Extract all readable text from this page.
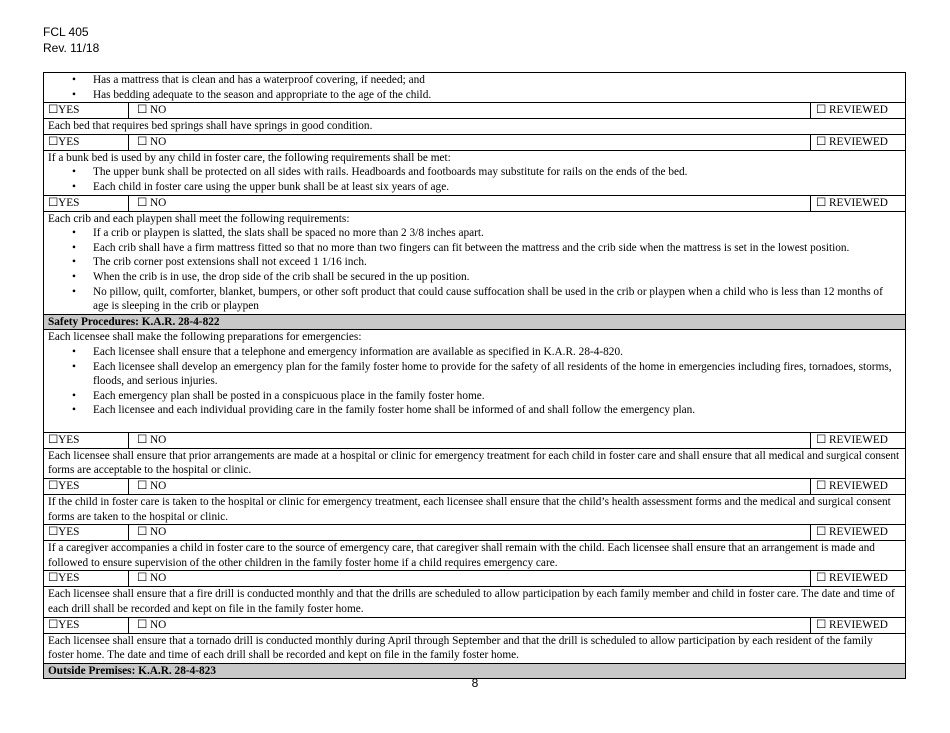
FCL 405
Rev. 11/18
• Has a mattress that is clean and has a waterproof covering, if needed; and
• Has bedding adequate to the season and appropriate to the age of the child.
☐YES	☐ NO	☐ REVIEWED
Each bed that requires bed springs shall have springs in good condition.
☐YES	☐ NO	☐ REVIEWED
If a bunk bed is used by any child in foster care, the following requirements shall be met:
• The upper bunk shall be protected on all sides with rails. Headboards and footboards may substitute for rails on the ends of the bed.
• Each child in foster care using the upper bunk shall be at least six years of age.
☐YES	☐ NO	☐ REVIEWED
Each crib and each playpen shall meet the following requirements:
• If a crib or playpen is slatted, the slats shall be spaced no more than 2 3/8 inches apart.
• Each crib shall have a firm mattress fitted so that no more than two fingers can fit between the mattress and the crib side when the mattress is set in the lowest position.
• The crib corner post extensions shall not exceed 1 1/16 inch.
• When the crib is in use, the drop side of the crib shall be secured in the up position.
• No pillow, quilt, comforter, blanket, bumpers, or other soft product that could cause suffocation shall be used in the crib or playpen when a child who is less than 12 months of age is sleeping in the crib or playpen
Safety Procedures: K.A.R. 28-4-822
Each licensee shall make the following preparations for emergencies:
• Each licensee shall ensure that a telephone and emergency information are available as specified in K.A.R. 28-4-820.
• Each licensee shall develop an emergency plan for the family foster home to provide for the safety of all residents of the home in emergencies including fires, tornadoes, storms, floods, and serious injuries.
• Each emergency plan shall be posted in a conspicuous place in the family foster home.
• Each licensee and each individual providing care in the family foster home shall be informed of and shall follow the emergency plan.
☐YES	☐ NO	☐ REVIEWED
Each licensee shall ensure that prior arrangements are made at a hospital or clinic for emergency treatment for each child in foster care and shall ensure that all medical and surgical consent forms are acceptable to the hospital or clinic.
☐YES	☐ NO	☐ REVIEWED
If the child in foster care is taken to the hospital or clinic for emergency treatment, each licensee shall ensure that the child’s health assessment forms and the medical and surgical consent forms are taken to the hospital or clinic.
☐YES	☐ NO	☐ REVIEWED
If a caregiver accompanies a child in foster care to the source of emergency care, that caregiver shall remain with the child. Each licensee shall ensure that an arrangement is made and followed to ensure supervision of the other children in the family foster home if a child requires emergency care.
☐YES	☐ NO	☐ REVIEWED
Each licensee shall ensure that a fire drill is conducted monthly and that the drills are scheduled to allow participation by each family member and child in foster care. The date and time of each drill shall be recorded and kept on file in the family foster home.
☐YES	☐ NO	☐ REVIEWED
Each licensee shall ensure that a tornado drill is conducted monthly during April through September and that the drill is scheduled to allow participation by each resident of the family foster home. The date and time of each drill shall be recorded and kept on file in the family foster home.
Outside Premises: K.A.R. 28-4-823
8
